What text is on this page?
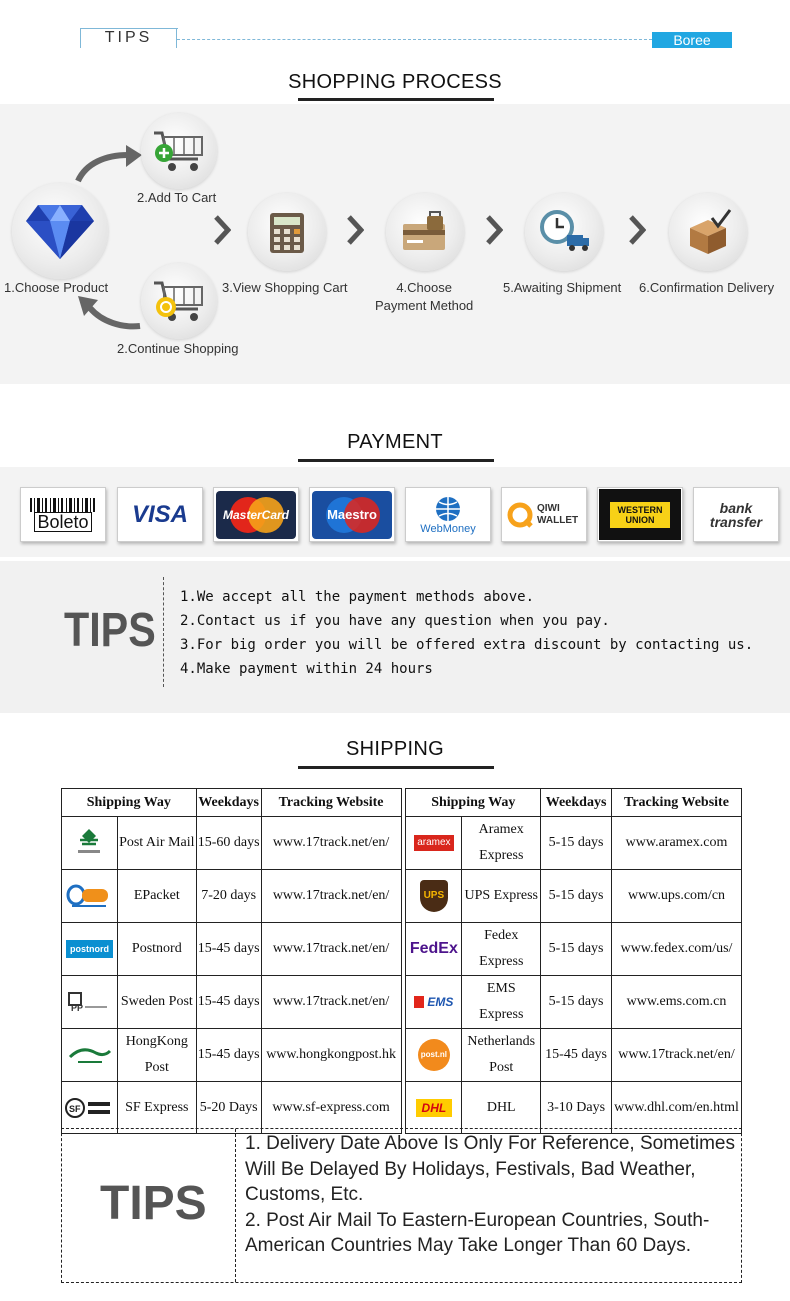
TIPS	Boree
SHOPPING PROCESS
1.Choose Product
2.Add To Cart
2.Continue Shopping
3.View Shopping Cart	4.Choose
Payment Method
5.Awaiting Shipment 6.Confirmation Delivery
PAYMENT
Boleto VISA	MasterCard	Maestro
WebMoney
QIWI WALLET
WESTERN UNION
bank transfer
TIPS
1.We accept all the payment methods above.
2.Contact us if you have any question when you pay.
3.For big order you will be offered extra discount by contacting us.
4.Make payment within 24 hours
SHIPPING
Shipping Way		Weekdays	Tracking Website		Shipping Way		Weekdays	Tracking Website

	Post Air Mail	15-60 days	www.17track.net/en/		aramex	Aramex Express	5-15 days	www.aramex.com

	EPacket	7-20 days	www.17track.net/en/		UPS	UPS Express	5-15 days	www.ups.com/cn

postnord	Postnord	15-45 days	www.17track.net/en/		FedEx	Fedex Express	5-15 days	www.fedex.com/us/

PP	Sweden Post	15-45 days	www.17track.net/en/		EMS	EMS Express	5-15 days	www.ems.com.cn

	HongKong Post	15-45 days	www.hongkongpost.hk		post.nl	Netherlands Post	15-45 days	www.17track.net/en/

SF	SF Express	5-20 Days	www.sf-express.com		DHL	DHL	3-10 Days	www.dhl.com/en.html
TIPS
1. Delivery Date Above Is Only For Reference, Sometimes Will Be Delayed By Holidays, Festivals, Bad Weather, Customs, Etc.
2. Post Air Mail To Eastern-European Countries, South-American Countries May Take Longer Than 60 Days.
